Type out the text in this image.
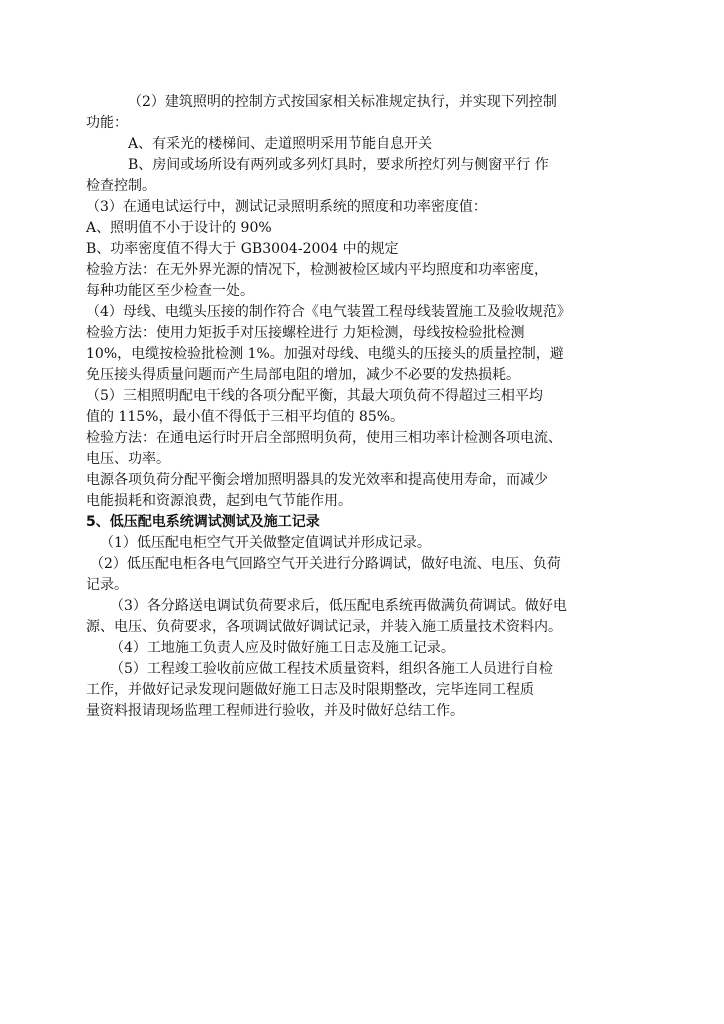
（2）建筑照明的控制方式按国家相关标准规定执行，并实现下列控制
功能：
A、有采光的楼梯间、走道照明采用节能自息开关
B、房间或场所设有两列或多列灯具时，要求所控灯列与侧窗平行 作
检查控制。
（3）在通电试运行中，测试记录照明系统的照度和功率密度值：
A、照明值不小于设计的 90%
B、功率密度值不得大于 GB3004-2004 中的规定
检验方法：在无外界光源的情况下，检测被检区域内平均照度和功率密度，
每种功能区至少检查一处。
（4）母线、电缆头压接的制作符合《电气装置工程母线装置施工及验收规范》
检验方法：使用力矩扳手对压接螺栓进行 力矩检测，母线按检验批检测
10%，电缆按检验批检测 1%。加强对母线、电缆头的压接头的质量控制，避
免压接头得质量问题而产生局部电阻的增加，减少不必要的发热损耗。
（5）三相照明配电干线的各项分配平衡，其最大项负荷不得超过三相平均
值的 115%，最小值不得低于三相平均值的 85%。
检验方法：在通电运行时开启全部照明负荷，使用三相功率计检测各项电流、
电压、功率。
电源各项负荷分配平衡会增加照明器具的发光效率和提高使用寿命，而减少
电能损耗和资源浪费，起到电气节能作用。
5、低压配电系统调试测试及施工记录
（1）低压配电柜空气开关做整定值调试并形成记录。
（2）低压配电柜各电气回路空气开关进行分路调试，做好电流、电压、负荷
记录。
（3）各分路送电调试负荷要求后，低压配电系统再做满负荷调试。做好电
源、电压、负荷要求，各项调试做好调试记录，并装入施工质量技术资料内。
（4）工地施工负责人应及时做好施工日志及施工记录。
（5）工程竣工验收前应做工程技术质量资料，组织各施工人员进行自检
工作，并做好记录发现问题做好施工日志及时限期整改，完毕连同工程质
量资料报请现场监理工程师进行验收，并及时做好总结工作。
